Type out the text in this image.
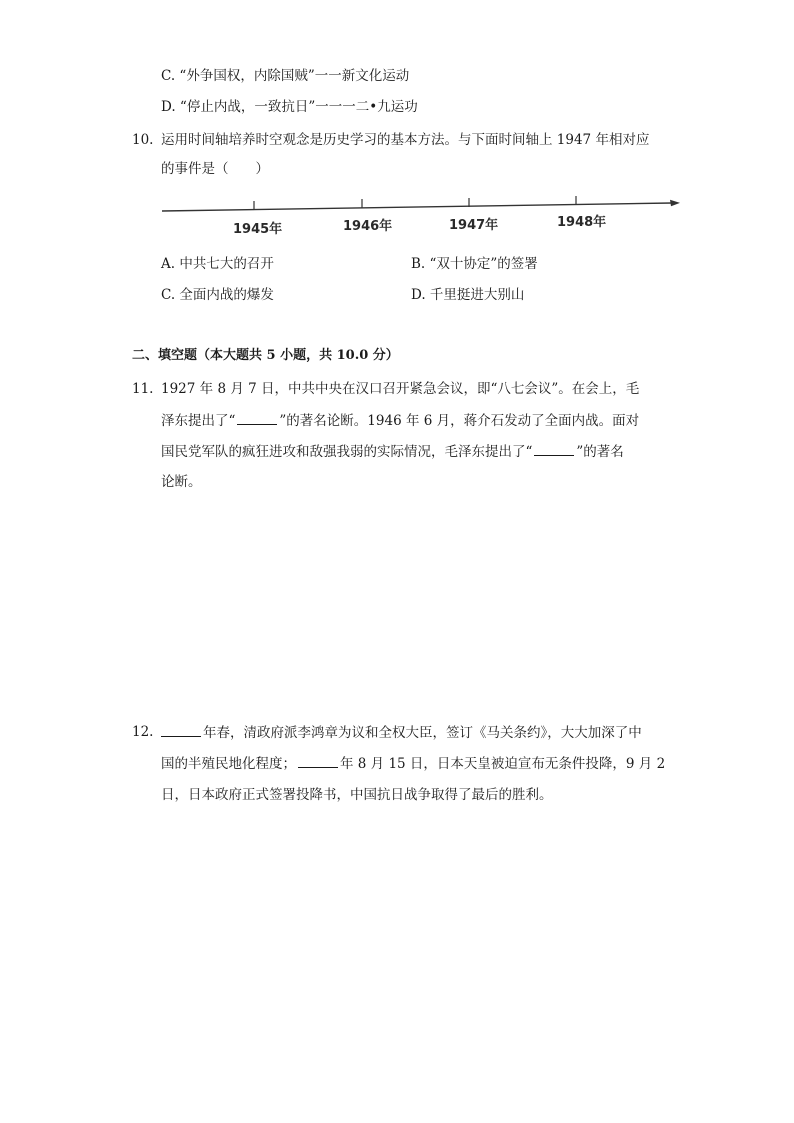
C. “外争国权，内除国贼”一一新文化运动
D. “停止内战，一致抗日”一一一二•九运功
10. 运用时间轴培养时空观念是历史学习的基本方法。与下面时间轴上 1947 年相对应
的事件是（　　）
1945年	1946年	1947年	1948年
A. 中共七大的召开	B. “双十协定”的签署
C. 全面内战的爆发	D. 千里挺进大别山
二、填空题（本大题共 5 小题，共 10.0 分）
11. 1927 年 8 月 7 日，中共中央在汉口召开紧急会议，即“八七会议”。在会上，毛
泽东提出了“	”的著名论断。1946 年 6 月，蒋介石发动了全面内战。面对
国民党军队的疯狂进攻和敌强我弱的实际情况，毛泽东提出了“	”的著名
论断。
12.	年春，清政府派李鸿章为议和全权大臣，签订《马关条约》，大大加深了中
国的半殖民地化程度；	年 8 月 15 日，日本天皇被迫宣布无条件投降，9 月 2
日，日本政府正式签署投降书，中国抗日战争取得了最后的胜利。
